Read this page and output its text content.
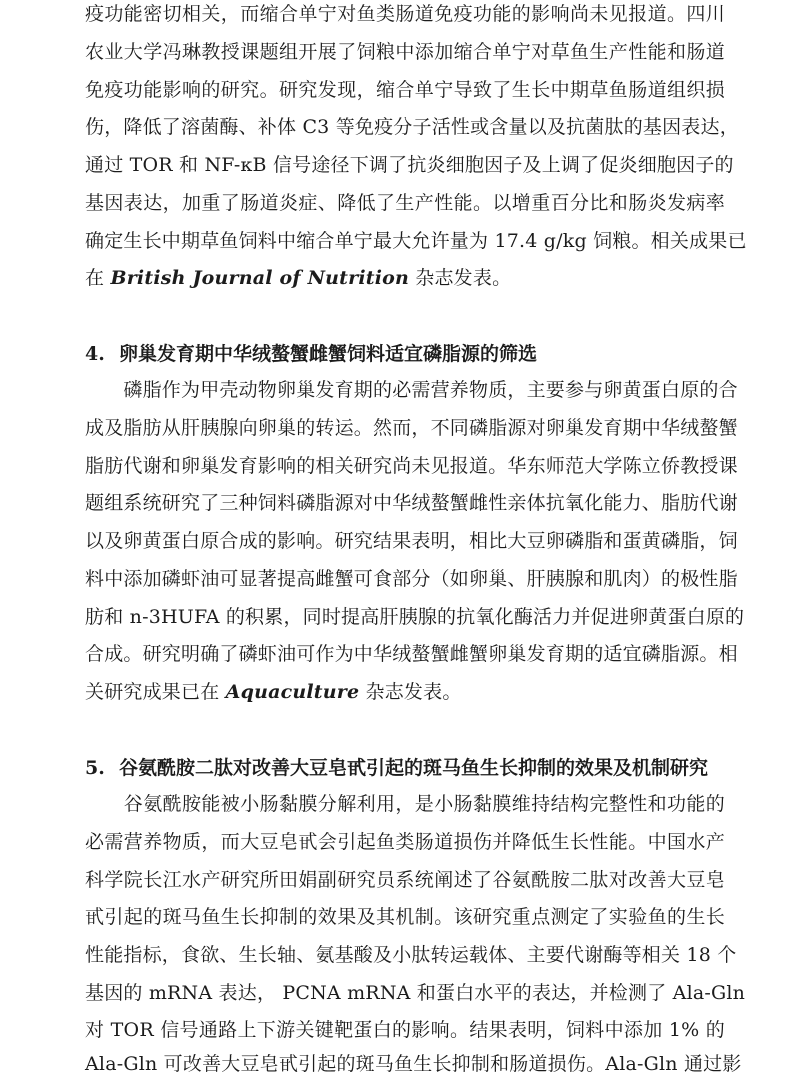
疫功能密切相关，而缩合单宁对鱼类肠道免疫功能的影响尚未见报道。四川
农业大学冯琳教授课题组开展了饲粮中添加缩合单宁对草鱼生产性能和肠道
免疫功能影响的研究。研究发现，缩合单宁导致了生长中期草鱼肠道组织损
伤，降低了溶菌酶、补体 C3 等免疫分子活性或含量以及抗菌肽的基因表达，
通过 TOR 和 NF-κB 信号途径下调了抗炎细胞因子及上调了促炎细胞因子的
基因表达，加重了肠道炎症、降低了生产性能。以增重百分比和肠炎发病率
确定生长中期草鱼饲料中缩合单宁最大允许量为 17.4 g/kg 饲粮。相关成果已
在 British Journal of Nutrition 杂志发表。
4. 卵巢发育期中华绒螯蟹雌蟹饲料适宜磷脂源的筛选
　　磷脂作为甲壳动物卵巢发育期的必需营养物质，主要参与卵黄蛋白原的合
成及脂肪从肝胰腺向卵巢的转运。然而，不同磷脂源对卵巢发育期中华绒螯蟹
脂肪代谢和卵巢发育影响的相关研究尚未见报道。华东师范大学陈立侨教授课
题组系统研究了三种饲料磷脂源对中华绒螯蟹雌性亲体抗氧化能力、脂肪代谢
以及卵黄蛋白原合成的影响。研究结果表明，相比大豆卵磷脂和蛋黄磷脂，饲
料中添加磷虾油可显著提高雌蟹可食部分（如卵巢、肝胰腺和肌肉）的极性脂
肪和 n-3HUFA 的积累，同时提高肝胰腺的抗氧化酶活力并促进卵黄蛋白原的
合成。研究明确了磷虾油可作为中华绒螯蟹雌蟹卵巢发育期的适宜磷脂源。相
关研究成果已在 Aquaculture 杂志发表。
5. 谷氨酰胺二肽对改善大豆皂甙引起的斑马鱼生长抑制的效果及机制研究
　　谷氨酰胺能被小肠黏膜分解利用，是小肠黏膜维持结构完整性和功能的
必需营养物质，而大豆皂甙会引起鱼类肠道损伤并降低生长性能。中国水产
科学院长江水产研究所田娟副研究员系统阐述了谷氨酰胺二肽对改善大豆皂
甙引起的斑马鱼生长抑制的效果及其机制。该研究重点测定了实验鱼的生长
性能指标，食欲、生长轴、氨基酸及小肽转运载体、主要代谢酶等相关 18 个
基因的 mRNA 表达， PCNA mRNA 和蛋白水平的表达，并检测了 Ala-Gln
对 TOR 信号通路上下游关键靶蛋白的影响。结果表明，饲料中添加 1% 的
Ala-Gln 可改善大豆皂甙引起的斑马鱼生长抑制和肠道损伤。Ala-Gln 通过影
